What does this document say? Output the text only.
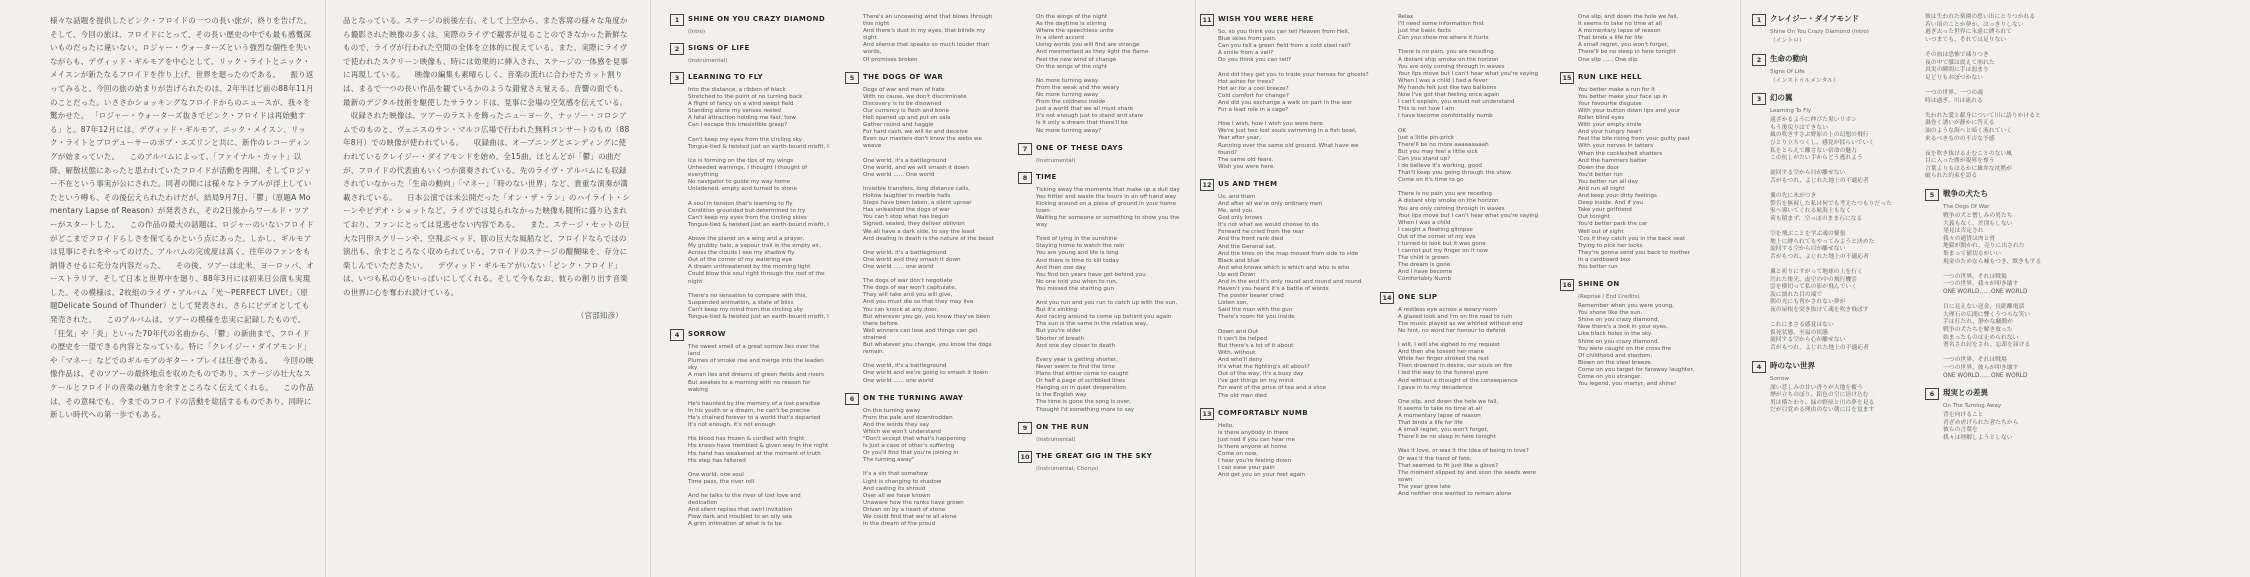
様々な話題を提供したピンク・フロイドの一つの長い旅が、終りを告げた。そして、今回の旅は、フロイドにとって、その長い歴史の中でも最も感慨深いものだったに違いない。ロジャー・ウォーターズという強烈な個性を失いながらも、デヴィッド・ギルモアを中心として、リック・ライトとニック・メイスンが新たなるフロイドを作り上げ、世界を廻ったのである。 　振り返ってみると、今回の旅の始まりが告げられたのは、2年半ほど前の88年11月のことだった。いささかショッキングなフロイドからのニュースが、我々を驚かせた。 「ロジャー・ウォーターズ抜きでピンク・フロイドは再始動する」と。87年12月には、デヴィッド・ギルモア、ニック・メイスン、リック・ライトとプロデューサーのボブ・エズリンと共に、新作のレコーディングが始まっていた。 　このアルバムによって、「ファイナル・カット」以降、解散状態にあったと思われていたフロイドが活動を再開、そしてロジャー不在という事実が公にされた。同者の間には様々なトラブルが浮上していたという噂も、その後伝えられたわけだが、結局9月7日、「鬱」（原題A Momentary Lapse of Reason）が発表され、その2日後からワールド・ツアーがスタートした。 　この作品の最大の話題は、ロジャーのいないフロイドがどこまでフロイドらしさを保てるかという点にあった。しかし、ギルモアは見事にそれをやってのけた。アルバムの完成度は高く、往年のファンをも納得させるに充分な内容だった。 　その後、ツアーは北米、ヨーロッパ、オーストラリア、そして日本と世界中を廻り、88年3月には初来日公演も実現した。その模様は、2枚組のライヴ・アルバム「光～PERFECT LIVE!」（原題Delicate Sound of Thunder）として発表され、さらにビデオとしても発売された。 　このアルバムは、ツアーの模様を忠実に記録したもので、「狂気」や「炎」といった70年代の名曲から、「鬱」の新曲まで、フロイドの歴史を一望できる内容となっている。特に「クレイジー・ダイアモンド」や「マネー」などでのギルモアのギター・プレイは圧巻である。 　今回の映像作品は、そのツアーの最終地点を収めたものであり、ステージの壮大なスケールとフロイドの音楽の魅力を余すところなく伝えてくれる。 　この作品は、その意味でも、今までのフロイドの活動を総括するものであり、同時に新しい時代への第一歩でもある。
品となっている。ステージの前後左右、そして上空から、また客席の様々な角度から撮影された映像の多くは、実際のライヴで観客が見ることのできなかった新鮮なもので、ライヴが行われた空間の全体を立体的に捉えている。また、実際にライヴで使われたスクリーン映像も、時には効果的に挿入され、ステージの一体感を見事に再現している。 　映像の編集も素晴らしく、音楽の流れに合わせたカット割りは、まるで一つの長い作品を観ているかのような錯覚さえ覚える。音響の面でも、最新のデジタル技術を駆使したサラウンドは、見事に会場の空気感を伝えている。 　収録された映像は、ツアーのラストを飾ったニューヨーク、ナッソー・コロシアムでのものと、ヴェニスのサン・マルコ広場で行われた無料コンサートのもの（88年8月）での映像が使われている。 　収録曲は、オープニングとエンディングに使われているクレイジー・ダイアモンドを始め、全15曲。ほとんどが「鬱」の曲だが、フロイドの代表曲もいくつか演奏されている。先のライヴ・アルバムにも収録されていなかった「生命の動向」「マネー」「時のない世界」など、貴重な演奏が満載されている。 　日本公演では未公開だった「オン・ザ・ラン」のハイライト・シーンやビデオ・ショットなど、ライヴでは見られなかった映像も随所に盛り込まれており、ファンにとっては見逃せない内容である。 　また、ステージ・セットの巨大な円形スクリーンや、空飛ぶベッド、豚の巨大な風船など、フロイドならではの演出も、余すところなく収められている。フロイドのステージの醍醐味を、存分に楽しんでいただきたい。 　デヴィッド・ギルモアがいない「ピンク・フロイド」は、いつも私の心をいっぱいにしてくれる。そして今もなお、彼らの創り出す音楽の世界に心を奪われ続けている。
（宮部知彦）
1	SHINE ON YOU CRAZY DIAMOND
(Intro)
2	SIGNS OF LIFE
(Instrumental)
3	LEARNING TO FLY
Into the distance, a ribbon of black
Stretched to the point of no turning back
A flight of fancy on a wind swept field
Standing alone my senses reeled
A fatal attraction holding me fast, how
Can I escape this irresistible grasp?

Can't keep my eyes from the circling sky
Tongue-tied & twisted just an earth-bound misfit, I

Ice is forming on the tips of my wings
Unheeded warnings, I thought I thought of everything
No navigator to guide my way home
Unladened, empty and turned to stone

A soul in tension that's learning to fly
Condition grounded but determined to try
Can't keep my eyes from the circling skies
Tongue-tied & twisted just an earth-bound misfit, I

Above the planet on a wing and a prayer,
My grubby halo, a vapour trail in the empty air,
Across the clouds I see my shadow fly
Out of the corner of my watering eye
A dream unthreatened by the morning light
Could blow this soul right through the roof of the night

There's no sensation to compare with this,
Suspended animation, a state of bliss
Can't keep my mind from the circling sky
Tongue-tied & twisted just an earth-bound misfit, I
4	SORROW
The sweet smell of a great sorrow lies over the land
Plumes of smoke rise and merge into the leaden sky
A man lies and dreams of green fields and rivers
But awakes to a morning with no reason for waking

He's haunted by the memory of a lost paradise
In his youth or a dream, he can't be precise
He's chained forever to a world that's departed
It's not enough, it's not enough

His blood has frozen & curdled with fright
His knees have trembled & given way in the night
His hand has weakened at the moment of truth
His step has faltered

One world, one soul
Time pass, the river roll

And he talks to the river of lost love and dedication
And silent replies that swirl invitation
Flow dark and troubled to an oily sea
A grim intimation of what is to be
There's an unceasing wind that blows through this night
And there's dust in my eyes, that blinds my sight
And silence that speaks so much louder than words,
Of promises broken
5	THE DOGS OF WAR
Dogs of war and men of hate
With no cause, we don't discriminate
Discovery is to be disowned
Our currency is flesh and bone
Hell opened up and put on sale
Gather round and haggle
For hard cash, we will lie and deceive
Even our masters don't know the webs we weave

One world, it's a battleground
One world, and we will smash it down
One world ...... One world

Invisible transfers, long distance calls,
Hollow laughter in marble halls
Steps have been taken, a silent uproar
Has unleashed the dogs of war
You can't stop what has begun
Signed, sealed, they deliver oblivion
We all have a dark side, to say the least
And dealing in death is the nature of the beast

One world, it's a battleground
One world and they smash it down
One world ...... one world

The dogs of war don't negotiate
The dogs of war won't capitulate,
They will take and you will give,
And you must die so that they may live
You can knock at any door,
But wherever you go, you know they've been there before.
Well winners can lose and things can get strained
But whatever you change, you know the dogs remain.

One world, it's a battleground
One world and we're going to smash it down
One world ...... one world
6	ON THE TURNING AWAY
On the turning away
From the pale and downtrodden
And the words they say
Which we won't understand
"Don't accept that what's happening
Is just a case of other's suffering
Or you'll find that you're joining in
The turning away"

It's a sin that somehow
Light is changing to shadow
And casting its shroud
Over all we have known
Unaware how the ranks have grown
Driven on by a heart of stone
We could find that we're all alone
In the dream of the proud
On the wings of the night
As the daytime is stirring
Where the speechless unite
In a silent accord
Using words you will find are strange
And mesmerised as they light the flame
Feel the new wind of change
On the wings of the night

No more turning away
From the weak and the weary
No more turning away
From the coldness inside
Just a world that we all must share
It's not enough just to stand and stare
Is it only a dream that there'll be
No more turning away?
7	ONE OF THESE DAYS
(Instrumental)
8	TIME
Ticking away the moments that make up a dull day
You fritter and waste the hours in an off hand way
Kicking around on a piece of ground in your home town
Waiting for someone or something to show you the way

Tired of lying in the sunshine
Staying home to watch the rain
You are young and life is long
And there is time to kill today
And then one day
You find ten years have got behind you
No one told you when to run,
You missed the starting gun

And you run and you run to catch up with the sun,
But it's sinking
And racing around to come up behind you again
The sun is the same in the relative way,
But you're older
Shorter of breath
And one day closer to death

Every year is getting shorter,
Never seem to find the time
Plans that either come to naught
Or half a page of scribbled lines
Hanging on in quiet desperation
Is the English way
The time is gone the song is over,
Thought I'd something more to say
9	ON THE RUN
(Instrumental)
10 THE GREAT GIG IN THE SKY
(Instrumental, Chorus)
11 WISH YOU WERE HERE
So, so you think you can tell Heaven from Hell,
Blue skies from pain.
Can you tell a green field from a cold steel rail?
A smile from a veil?
Do you think you can tell?

And did they get you to trade your heroes for ghosts?
Hot ashes for trees?
Hot air for a cool breeze?
Cold comfort for change?
And did you exchange a walk on part in the war
For a lead role in a cage?

How I wish, how I wish you were here.
We're just two lost souls swimming in a fish bowl,
Year after year,
Running over the same old ground. What have we found?
The same old fears.
Wish you were here.
12 US AND THEM
Us, and them
And after all we're only ordinary men
Me, and you
God only knows
It's not what we would choose to do
Forward he cried from the rear
And the front rank died
And the General sat,
And the lines on the map moved from side to side
Black and blue
And who knows which is which and who is who
Up and Down
And in the end it's only round and round and round
Haven't you heard it's a battle of words
The poster bearer cried
Listen son,
Said the man with the gun
There's room for you inside

Down and Out
It can't be helped
But there's a lot of it about
With, without
And who'll deny
It's what the fighting's all about?
Out of the way, it's a busy day
I've got things on my mind
For want of the price of tea and a slice
The old man died
13 COMFORTABLY NUMB
Hello,
Is there anybody in there
Just nod if you can hear me
Is there anyone at home
Come on now,
I hear you're feeling down
I can ease your pain
And get you on your feet again
Relax
I'll need some information first
Just the basic facts
Can you show me where it hurts

There is no pain, you are receding
A distant ship smoke on the horizon
You are only coming through in waves
Your lips move but I can't hear what you're saying
When I was a child I had a fever
My hands felt just like two balloons
Now I've got that feeling once again
I can't explain, you would not understand
This is not how I am
I have become comfortably numb

OK
Just a little pin-prick
There'll be no more aaaaaaaaah
But you may feel a little sick
Can you stand up?
I do believe it's working, good
That'll keep you going through the show
Come on it's time to go

There is no pain you are receding
A distant ship smoke on the horizon
You are only coming through in waves
Your lips move but I can't hear what you're saying
When I was a child
I caught a fleeting glimpse
Out of the corner of my eye
I turned to look but it was gone
I cannot put my finger on it now
The child is grown
The dream is gone
And I have become
Comfortably Numb
14 ONE SLIP
A restless eye across a weary room
A glazed look and I'm on the road to ruin
The music played as we whirled without end
No hint, no word her honour to defend

I will, I will she sighed to my request
And then she tossed her mane
While her finger stroked the rest
Then drowned in desire, our souls on fire
I led the way to the funeral pyre
And without a thought of the consequence
I gave in to my decadence

One slip, and down the hole we fall,
It seems to take no time at all
A momentary lapse of reason
That binds a life for life
A small regret, you won't forget,
There'll be no sleep in here tonight

Was it love, or was it the idea of being in love?
Or was it the hand of fate,
That seemed to fit just like a glove?
The moment slipped by and soon the seeds were sown
The year grew late
And neither one wanted to remain alone
One slip, and down the hole we fall,
It seems to take no time at all
A momentary lapse of reason
That binds a life for life
A small regret, you won't forget,
There'll be no sleep in here tonight
One slip ...... One slip
15 RUN LIKE HELL
You better make a run for it
You better make your face up in
Your favourite disguise
With your button down lips and your
Roller blind eyes
With your empty smile
And your hungry heart
Feel the bile rising from your guilty past
With your nerves in tatters
When the cockleshell shatters
And the hammers batter
Down the door
You'd better run
You better run all day
And run all night
And keep your dirty feelings
Deep inside. And if you
Take your girlfriend
Out tonight
You'd better park the car
Well out of sight
'Cos if they catch you in the back seat
Trying to pick her locks
They're gonna send you back to mother
In a cardboard box
You better run
16 SHINE ON
(Reprise / End Credits)
Remember when you were young,
You shone like the sun.
Shine on you crazy diamond.
Now there's a look in your eyes,
Like black holes in the sky.
Shine on you crazy diamond.
You were caught on the cross fire
Of childhood and stardom,
Blown on the steel breeze.
Come on you target for faraway laughter,
Come on you stranger,
You legend, you martyr, and shine!
1	クレイジー・ダイアモンド
Shine On You Crazy Diamond (Intro)
（イントロ）
2	生命の動向
Signs Of Life
（インストゥルメンタル）
3	幻の翼
Learning To Fly
遠ざかるように伸びた黒いリボン
もう後戻りはできない
風の吹きすさぶ野原の上の幻想の飛行
ひとり立ちつくし、感覚が揺らいでいく
私をとらえて離さない宿命の魅力
この抗しがたい手からどう逃れよう

旋回する空から目が離せない
舌がもつれ、よじれた地上の不適応者

翼の先に氷がつき
警告を無視した私は何でも考えたつもりだった
家へ導いてくれる航海士もなく
荷も積まず、空っぽのまま石になる

空を飛ぶことを学ぶ魂の緊張
地上に縛られてもやってみようと決めた
旋回する空から目が離せない
舌がもつれ、よじれた地上の不適応者

翼と祈りにすがって地球の上を行く
汚れた後光、虚空の中の飛行機雲
雲を横切って私の影が飛んでいく
涙に濡れた目の端で
朝の光にも脅かされない夢が
夜の屋根を突き抜けて魂を吹き飛ばす

これにまさる感覚はない
仮死状態、至福の状態
旋回する空から心が離せない
舌がもつれ、よじれた地上の不適応者
4	時のない世界
Sorrow
深い悲しみの甘い香りが大地を覆う
煙が立ちのぼり、鉛色の空に溶け込む
男は横たわり、緑の野原と川の夢を見る
だが目覚める理由のない朝に目を覚ます
彼は失われた楽園の思い出にとりつかれる
若い頃のことか夢か、はっきりしない
過ぎ去った世界に永遠に縛られて
いつまでも、それでは足りない

その血は恐怖で凍りつき
夜の中で膝は震えて崩れた
真実の瞬間に手は弱まり
足どりもおぼつかない

一つの世界、一つの魂
時は過ぎ、川は流れる

失われた愛と献身について川に語りかけると
渦巻く誘いが静かに答える
油のような海へと暗く流れていく
来るべきものの不吉な予感

夜を吹き抜ける止むことのない風
目に入った塵が視界を奪う
言葉よりもはるかに雄弁な沈黙が
破られた約束を語る
5	戦争の犬たち
The Dogs Of War
戦争の犬と憎しみの男たち
大義もなく、差別もしない
発見は否定され
我々の通貨は肉と骨
地獄が開かれ、売りに出された
集まって値切るがいい
現金のためなら嘘もつき、欺きもする

一つの世界、それは戦場
一つの世界、我々が叩き壊す
ONE WORLD……ONE WORLD

目に見えない送金、長距離電話
大理石の広間に響くうつろな笑い
手は打たれ、静かな騒動が
戦争の犬たちを解き放った
始まったものは止められない
署名され封をされ、忘却を届ける

一つの世界、それは戦場
一つの世界、彼らが叩き壊す
ONE WORLD……ONE WORLD
6	現実との差異
On The Turning Away
背を向けること
青ざめ虐げられた者たちから
彼らの言葉を
我々は理解しようとしない
